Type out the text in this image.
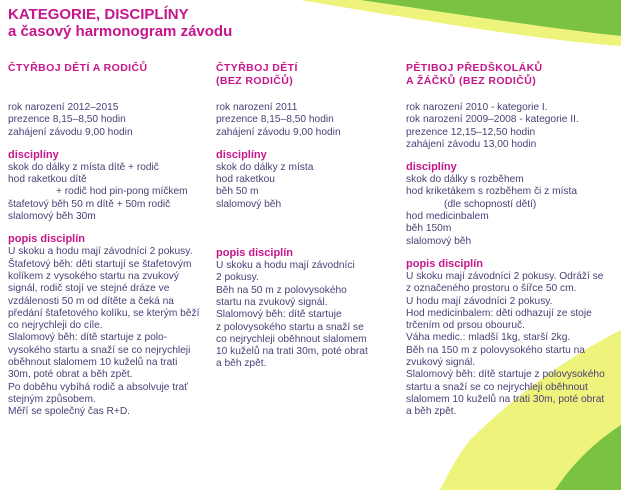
KATEGORIE, DISCIPLÍNY
a časový harmonogram závodu
ČTYŘBOJ DĚTÍ A RODIČŮ
rok narození 2012–2015
prezence 8,15–8,50 hodin
zahájení závodu 9,00 hodin
disciplíny
skok do dálky z místa dítě + rodič
hod raketkou dítě
+ rodič hod pin-pong míčkem
štafetový běh 50 m dítě + 50m rodič
slalomový běh 30m
popis disciplín
U skoku a hodu mají závodníci 2 pokusy.
Štafetový běh: děti startují se štafetovým
kolíkem z vysokého startu na zvukový
signál, rodič stojí ve stejné dráze ve
vzdálenosti 50 m od dítěte a čeká na
předání štafetového kolíku, se kterým běží
co nejrychleji do cíle.
Slalomový běh: dítě startuje z polo-
vysokého startu a snaží se co nejrychleji
oběhnout slalomem 10 kuželů na trati
30m, poté obrat a běh zpět.
Po doběhu vybíhá rodič a absolvuje trať
stejným způsobem.
Měří se společný čas R+D.
ČTYŘBOJ DĚTÍ
(BEZ RODIČŮ)
rok narození 2011
prezence 8,15–8,50 hodin
zahájení závodu 9,00 hodin
disciplíny
skok do dálky z místa
hod raketkou
běh 50 m
slalomový běh
popis disciplín
U skoku a hodu mají závodníci
2 pokusy.
Běh na 50 m z polovysokého
startu na zvukový signál.
Slalomový běh: dítě startuje
z polovysokého startu a snaží se
co nejrychleji oběhnout slalomem
10 kuželů na trati 30m, poté obrat
a běh zpět.
PĚTIBOJ PŘEDŠKOLÁKŮ
A ŽÁČKŮ (BEZ RODIČŮ)
rok narození 2010 - kategorie I.
rok narození 2009–2008 - kategorie II.
prezence 12,15–12,50 hodin
zahájení závodu 13,00 hodin
disciplíny
skok do dálky s rozběhem
hod kriketákem s rozběhem či z místa
(dle schopností dětí)
hod medicinbalem
běh 150m
slalomový běh
popis disciplín
U skoku mají závodníci 2 pokusy. Odráží se
z označeného prostoru o šířce 50 cm.
U hodu mají závodníci 2 pokusy.
Hod medicinbalem: děti odhazují ze stoje
trčením od prsou obouruč.
Váha medic.: mladší 1kg, starší 2kg.
Běh na 150 m z polovysokého startu na
zvukový signál.
Slalomový běh: dítě startuje z polovysokého
startu a snaží se co nejrychleji oběhnout
slalomem 10 kuželů na trati 30m, poté obrat
a běh zpět.
